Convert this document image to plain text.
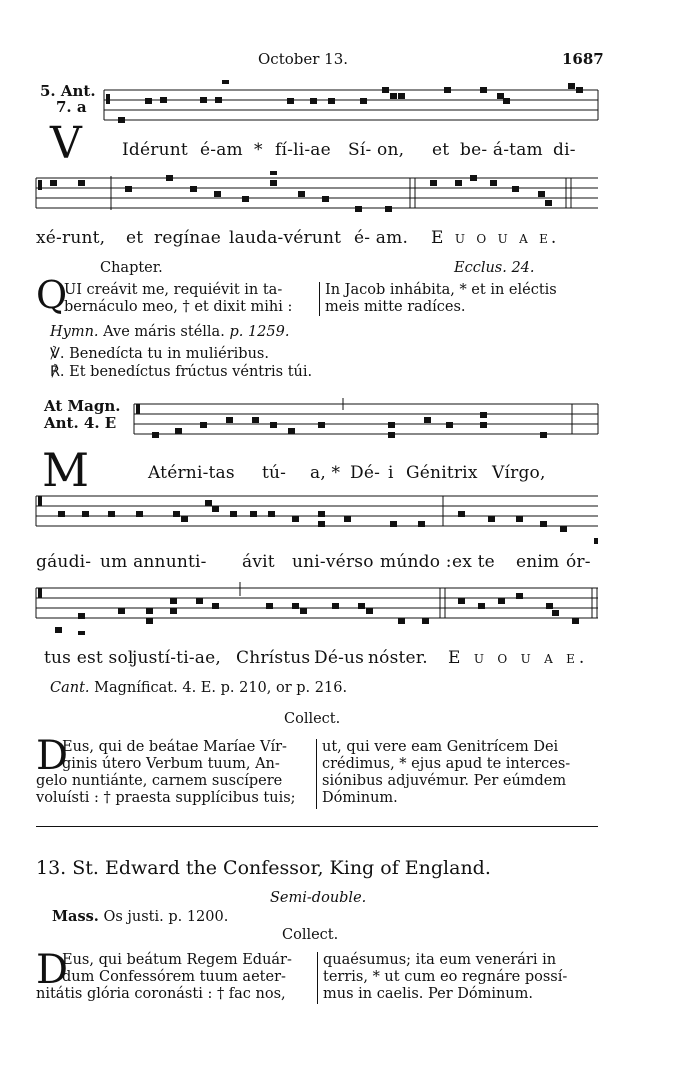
October 13.	1687
5. Ant.
7. a
V Idérunt é-am * fí-li-ae Sí- on, et be- á-tam di-
xé-runt, et regínae lauda-vérunt é- am. E u o u a e.
Chapter.	Ecclus. 24.
Q
UI creávit me, requiévit in ta-
bernáculo meo, † et dixit mihi :
In Jacob inhábita, * et in eléctis
meis mitte radíces.
Hymn. Ave máris stélla. p. 1259.
℣. Benedícta tu in muliéribus.
℟. Et benedíctus frúctus véntris túi.
At Magn.
Ant. 4. E
M	Atérni-tas tú- a, * Dé- i Génitrix Vírgo,
gáudi- um annunti- ávit uni-vérso múndo : ex te enim ór-
tus est sol
justí-ti-ae, Chrístus Dé-us nóster. E u o u a e.
Cant. Magníficat. 4. E. p. 210, or p. 216.
Collect.
D
Eus, qui de beátae Maríae Vír-
ginis útero Verbum tuum, An-
gelo nuntiánte, carnem suscípere
voluísti : † praesta supplícibus tuis;
ut, qui vere eam Genitrícem Dei
crédimus, * ejus apud te interces-
siónibus adjuvémur. Per eúmdem
Dóminum.
13. St. Edward the Confessor, King of England.
Semi-double.
Mass. Os justi. p. 1200.
Collect.
D
Eus, qui beátum Regem Eduár-
dum Confessórem tuum aeter-
nitátis glória coronásti : † fac nos,
quaésumus; ita eum venerári in
terris, * ut cum eo regnáre possí-
mus in caelis. Per Dóminum.
